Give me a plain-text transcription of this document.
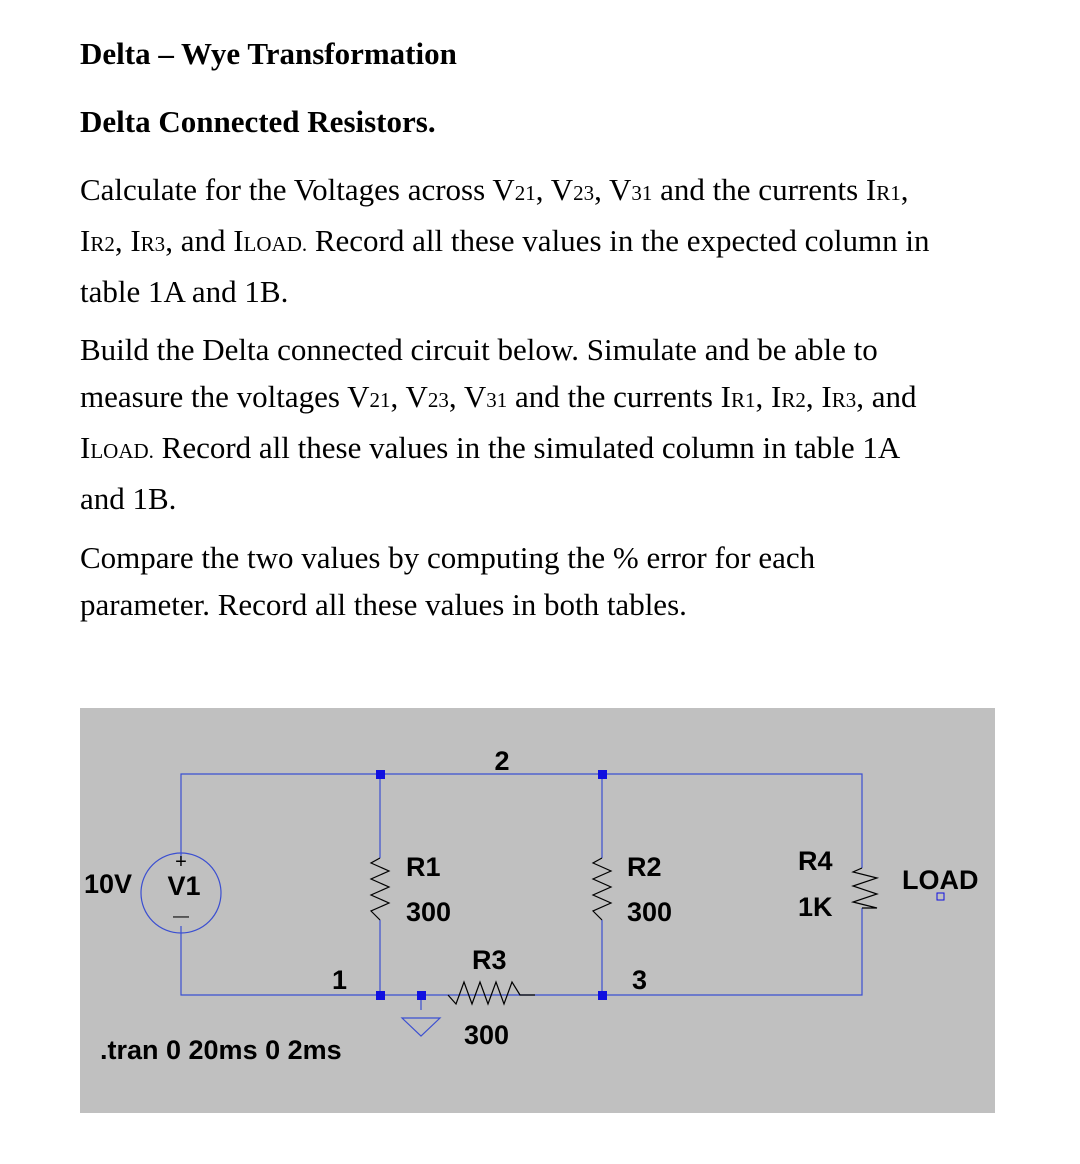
Delta – Wye Transformation
Delta Connected Resistors.
Calculate for the Voltages across V21, V23, V31 and the currents IR1,
IR2, IR3, and ILOAD. Record all these values in the expected column in
table 1A and 1B.
Build the Delta connected circuit below. Simulate and be able to
measure the voltages V21, V23, V31 and the currents IR1, IR2, IR3, and
ILOAD. Record all these values in the simulated column in table 1A
and 1B.
Compare the two values by computing the % error for each
parameter. Record all these values in both tables.
+
—
2
10V V1
R1
300
R2
300
R4
1K
LOAD
R3
300
1	3
.tran 0 20ms 0 2ms
